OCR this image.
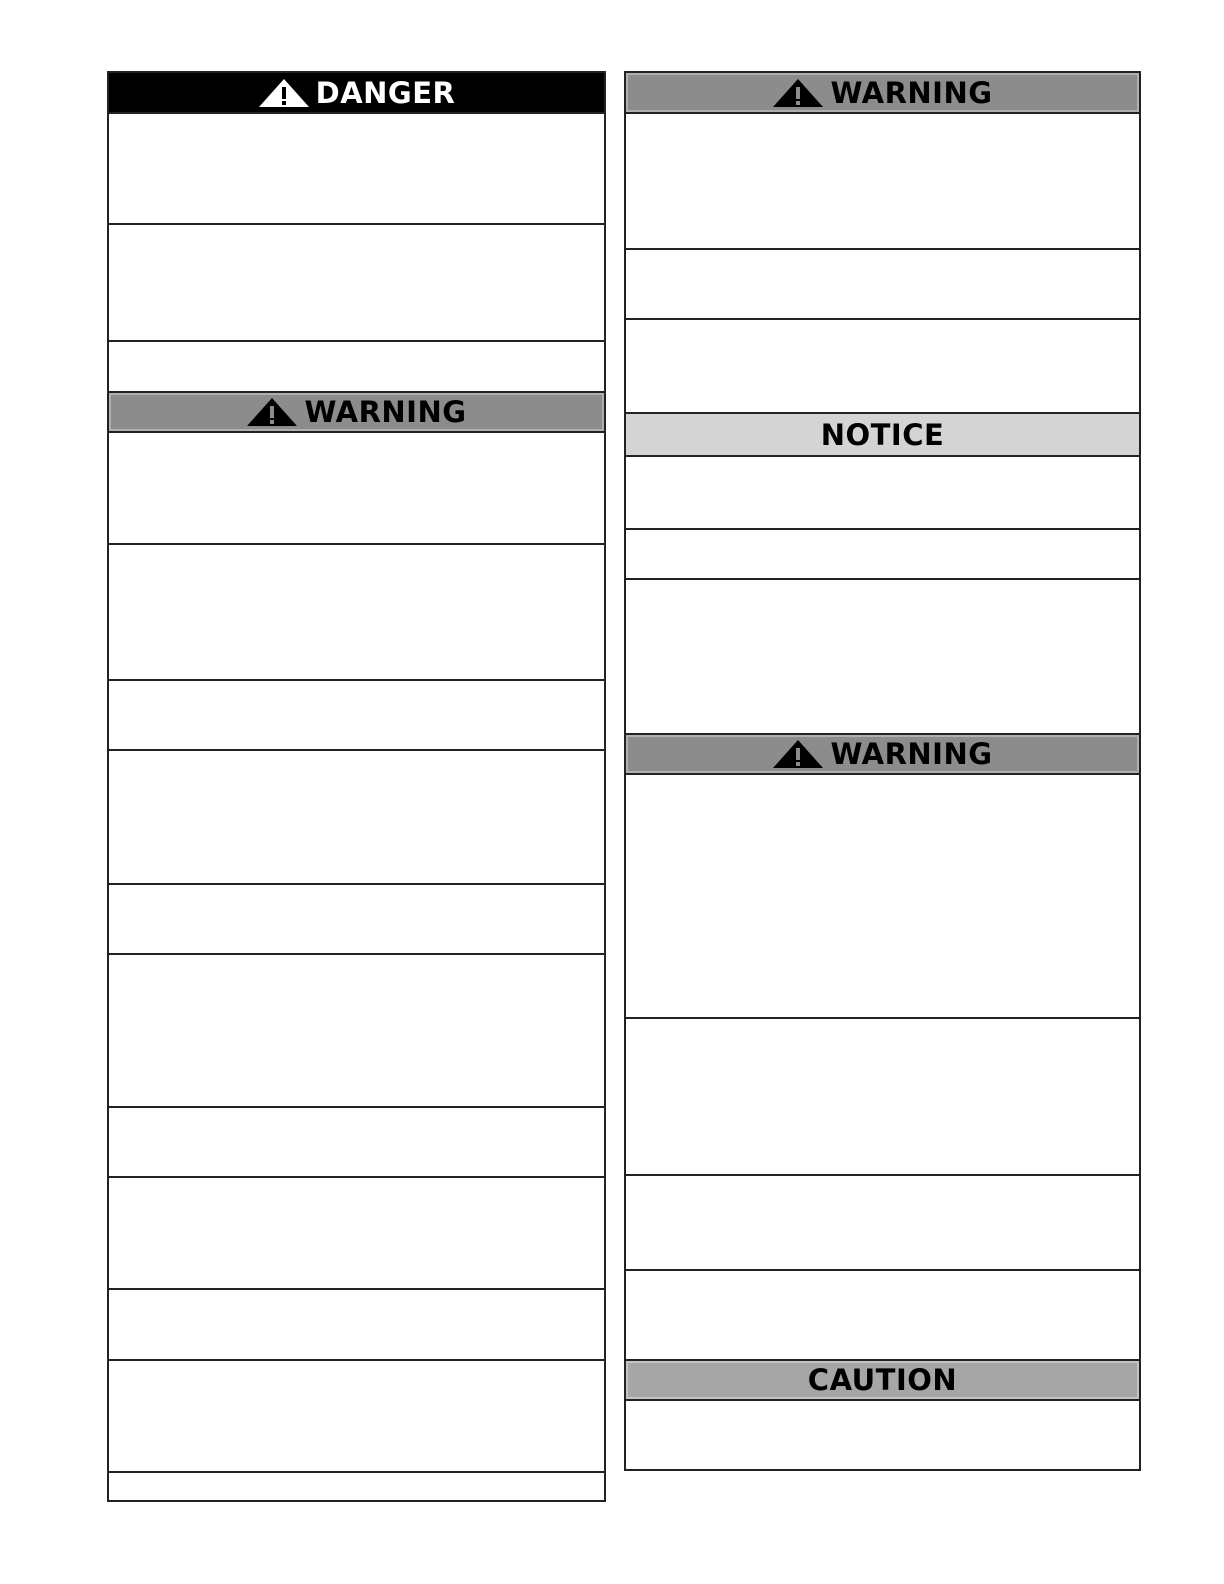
DANGER
WARNING
WARNING
NOTICE
WARNING
CAUTION
